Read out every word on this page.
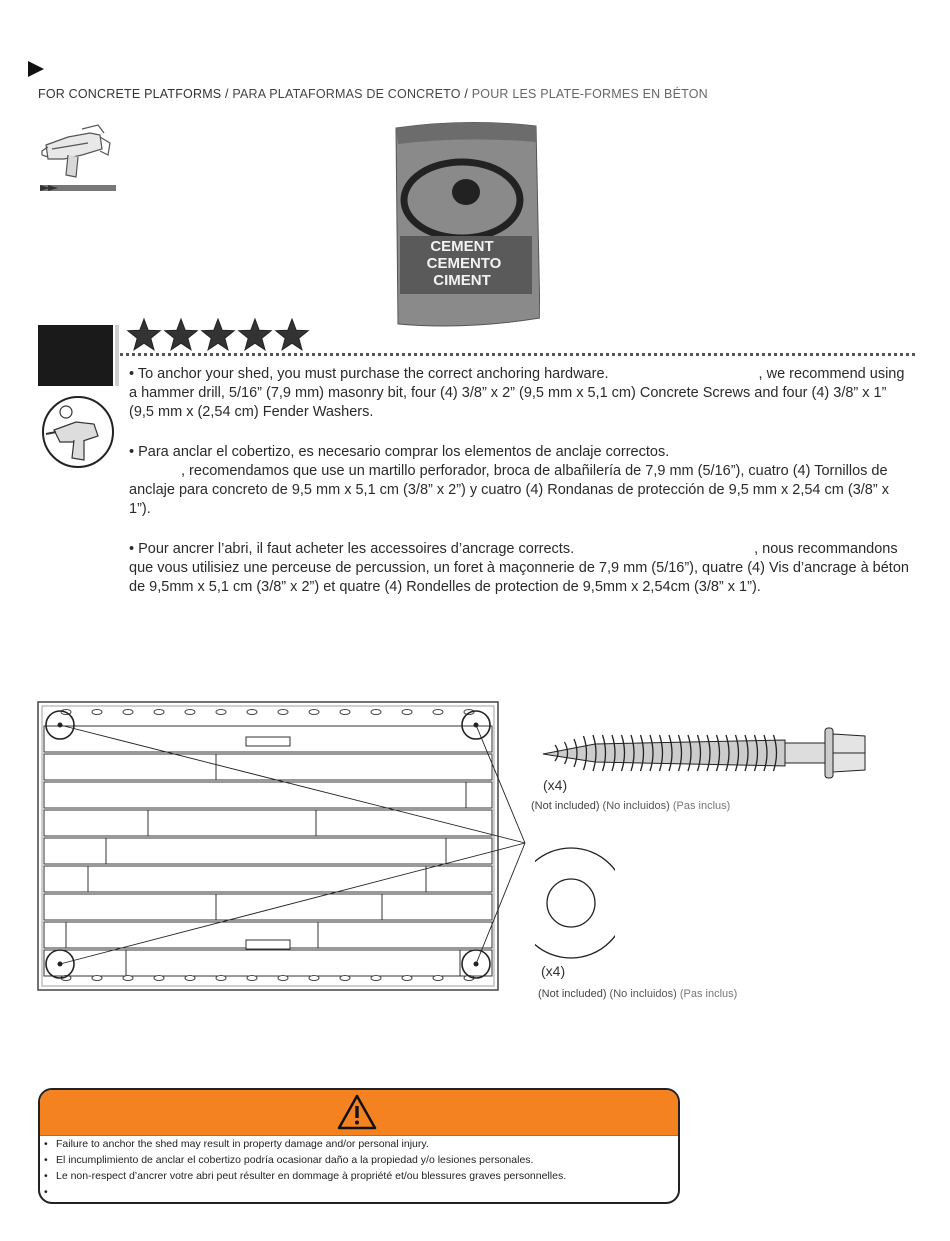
FOR CONCRETE PLATFORMS / PARA PLATAFORMAS DE CONCRETO / POUR LES PLATE-FORMES EN BÉTON
CEMENT
CEMENTO
CIMENT
• To anchor your shed, you must purchase the correct anchoring hardware.	, we recommend using a hammer drill, 5/16” (7,9 mm) masonry bit, four (4) 3/8” x 2” (9,5 mm x 5,1 cm) Concrete Screws and four (4) 3/8” x 1” (9,5 mm x (2,54 cm) Fender Washers.
• Para anclar el cobertizo, es necesario comprar los elementos de anclaje correctos.
, recomendamos que use un martillo perforador, broca de albañilería de 7,9 mm (5/16”), cuatro (4) Tornillos de anclaje para concreto de 9,5 mm x 5,1 cm (3/8” x 2”) y cuatro (4) Rondanas de protección de 9,5 mm x 2,54 cm (3/8” x 1”).
• Pour ancrer l’abri, il faut acheter les accessoires d’ancrage corrects.	, nous recommandons que vous utilisiez une perceuse de percussion, un foret à maçonnerie de 7,9 mm (5/16”), quatre (4) Vis d’ancrage à béton de 9,5mm x 5,1 cm (3/8” x 2”) et quatre (4) Rondelles de protection de 9,5mm x 2,54cm (3/8” x 1”).
(x4)
(Not included) (No incluidos) (Pas inclus)
(x4)
(Not included) (No incluidos) (Pas inclus)
• Failure to anchor the shed may result in property damage and/or personal injury.
• El incumplimiento de anclar el cobertizo podría ocasionar daño a la propiedad y/o lesiones personales.
• Le non-respect d’ancrer votre abri peut résulter en dommage à propriété et/ou blessures graves personnelles.
•
